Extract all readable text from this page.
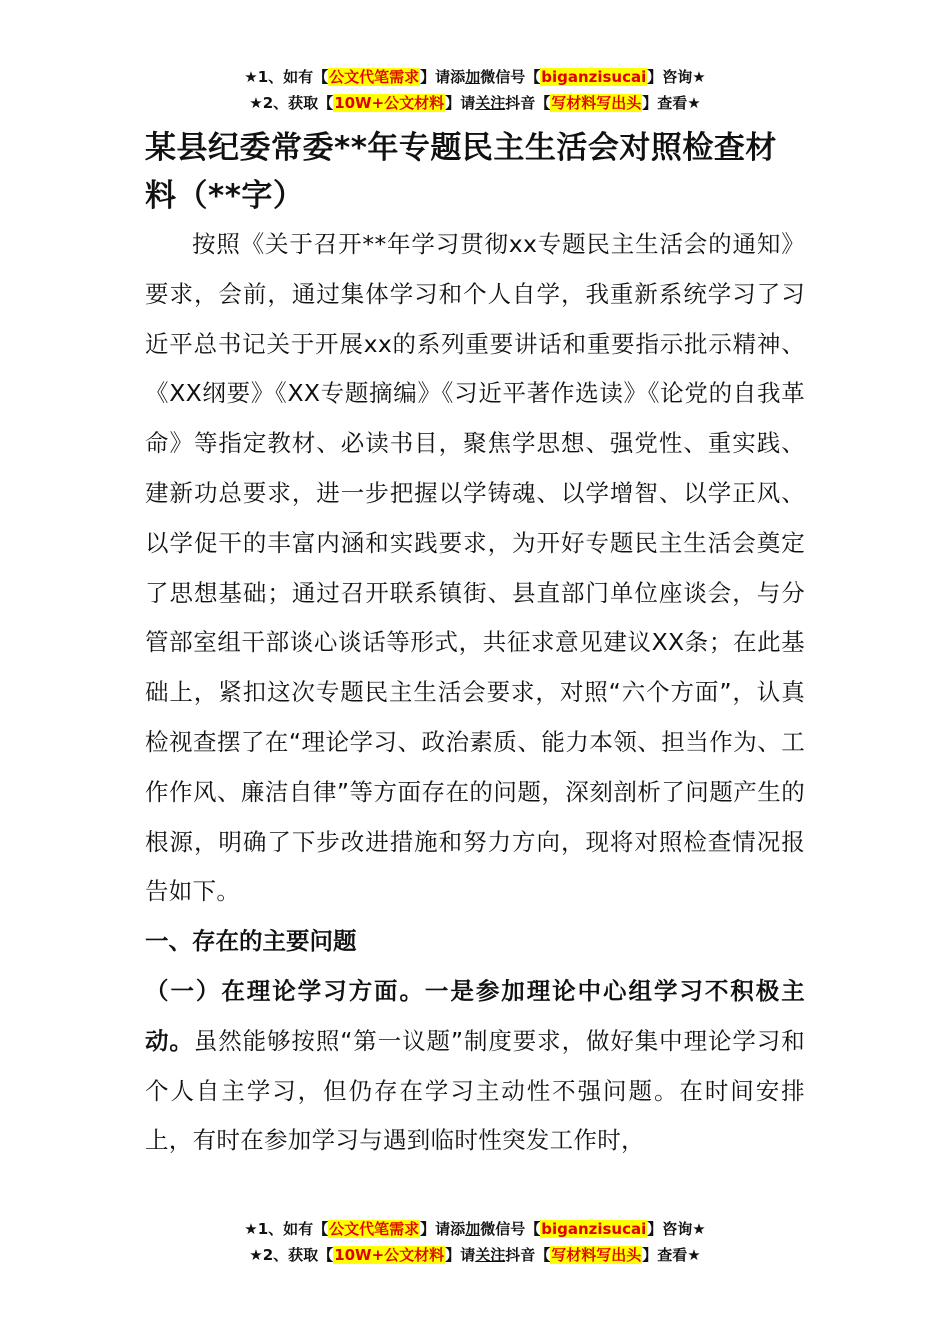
★1、如有【公文代笔需求】请添加微信号【biganzisucai】咨询★
★2、获取【10W+公文材料】请关注抖音【写材料写出头】查看★
某县纪委常委**年专题民主生活会对照检查材料（**字）

按照《关于召开**年学习贯彻xx专题民主生活会的通知》要求，会前，通过集体学习和个人自学，我重新系统学习了习近平总书记关于开展xx的系列重要讲话和重要指示批示精神、《XX纲要》《XX专题摘编》《习近平著作选读》《论党的自我革命》等指定教材、必读书目，聚焦学思想、强党性、重实践、建新功总要求，进一步把握以学铸魂、以学增智、以学正风、以学促干的丰富内涵和实践要求，为开好专题民主生活会奠定了思想基础；通过召开联系镇街、县直部门单位座谈会，与分管部室组干部谈心谈话等形式，共征求意见建议XX条；在此基础上，紧扣这次专题民主生活会要求，对照“六个方面”，认真检视查摆了在“理论学习、政治素质、能力本领、担当作为、工作作风、廉洁自律”等方面存在的问题，深刻剖析了问题产生的根源，明确了下步改进措施和努力方向，现将对照检查情况报告如下。

一、存在的主要问题

（一）在理论学习方面。一是参加理论中心组学习不积极主动。虽然能够按照“第一议题”制度要求，做好集中理论学习和个人自主学习，但仍存在学习主动性不强问题。在时间安排上，有时在参加学习与遇到临时性突发工作时，

★1、如有【公文代笔需求】请添加微信号【biganzisucai】咨询★
★2、获取【10W+公文材料】请关注抖音【写材料写出头】查看★
